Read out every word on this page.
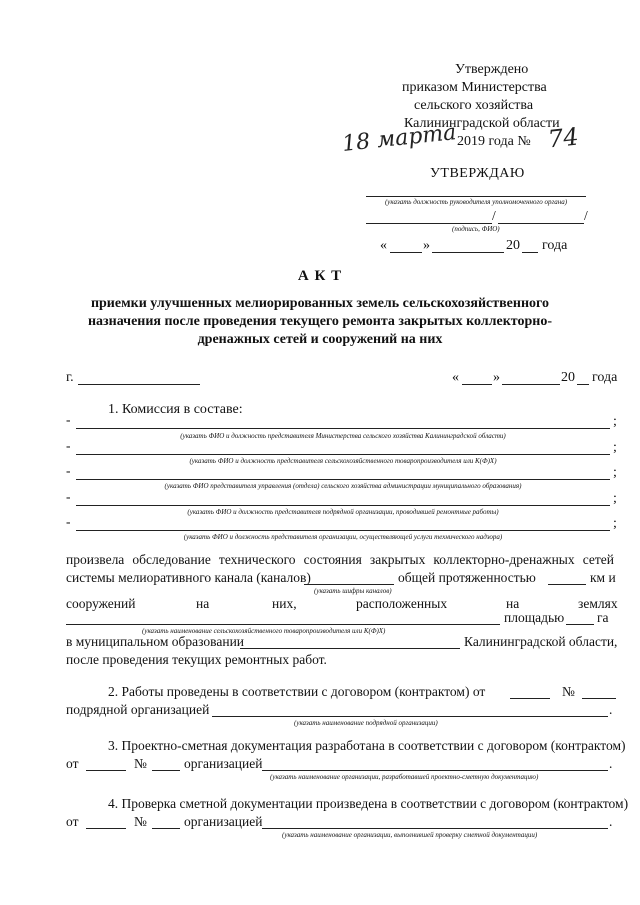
Утверждено
приказом Министерства
сельского хозяйства
Калининградской области
18 марта 2019 года № 74
УТВЕРЖДАЮ
(указать должность руководителя уполномоченного органа)
/	/
(подпись, ФИО)
«	»	20 года
А К Т
приемки улучшенных мелиорированных земель сельскохозяйственного
назначения после проведения текущего ремонта закрытых коллекторно-
дренажных сетей и сооружений на них
г.	« »	20 года
1. Комиссия в составе:
-	;
(указать ФИО и должность представителя Министерства сельского хозяйства Калининградской области)
-	;
(указать ФИО и должность представителя сельскохозяйственного товаропроизводителя или К(Ф)Х)
-	;
(указать ФИО представителя управления (отдела) сельского хозяйства администрации муниципального образования)
-	;
(указать ФИО и должность представителя подрядной организации, проводившей ремонтные работы)
-	;
(указать ФИО и должность представителя организации, осуществляющей услуги технического надзора)
произвела обследование технического состояния закрытых коллекторно-дренажных сетей
системы мелиоративного канала (каналов)	общей протяженностью	км и
(указать шифры каналов)
сооружений	на	них,	расположенных	на	землях
площадью га
(указать наименование сельскохозяйственного товаропроизводителя или К(Ф)Х)
в муниципальном образовании	Калининградской области,
после проведения текущих ремонтных работ.
2. Работы проведены в соответствии с договором (контрактом) от	№
подрядной организацией	.
(указать наименование подрядной организации)
3. Проектно-сметная документация разработана в соответствии с договором (контрактом)
от	№	организацией	.
(указать наименование организации, разработавшей проектно-сметную документацию)
4. Проверка сметной документации произведена в соответствии с договором (контрактом)
от	№	организацией	.
(указать наименование организации, выполнившей проверку сметной документации)
